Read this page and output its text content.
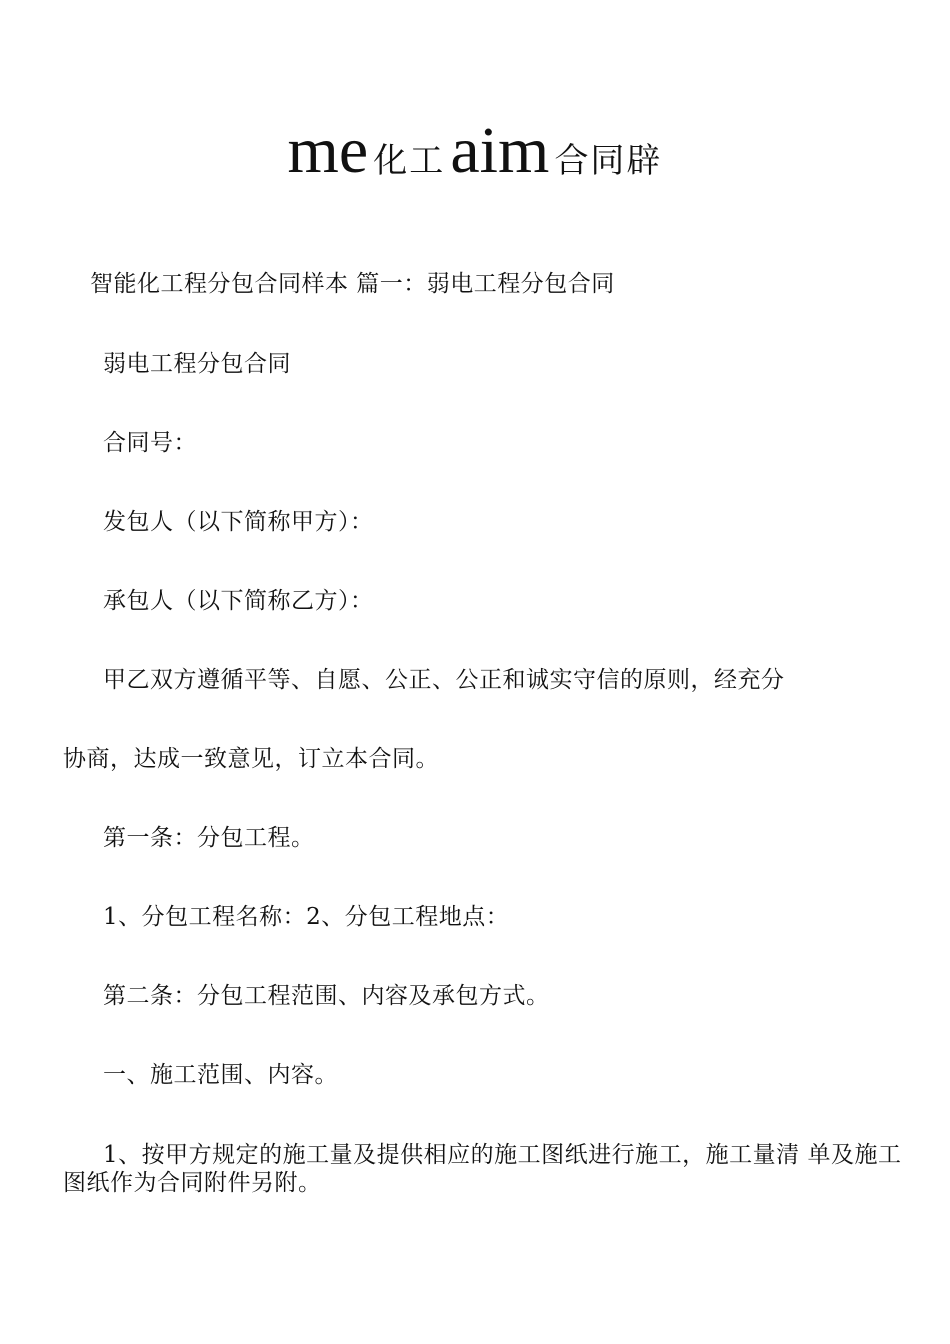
me 化工 aim 合同辟
智能化工程分包合同样本 篇一：弱电工程分包合同
弱电工程分包合同
合同号：
发包人（以下简称甲方）：
承包人（以下简称乙方）：
甲乙双方遵循平等、自愿、公正、公正和诚实守信的原则，经充分
协商，达成一致意见，订立本合同。
第一条：分包工程。
1、分包工程名称：2、分包工程地点：
第二条：分包工程范围、内容及承包方式。
一、施工范围、内容。
1、按甲方规定的施工量及提供相应的施工图纸进行施工，施工量清 单及施工图纸作为合同附件另附。
